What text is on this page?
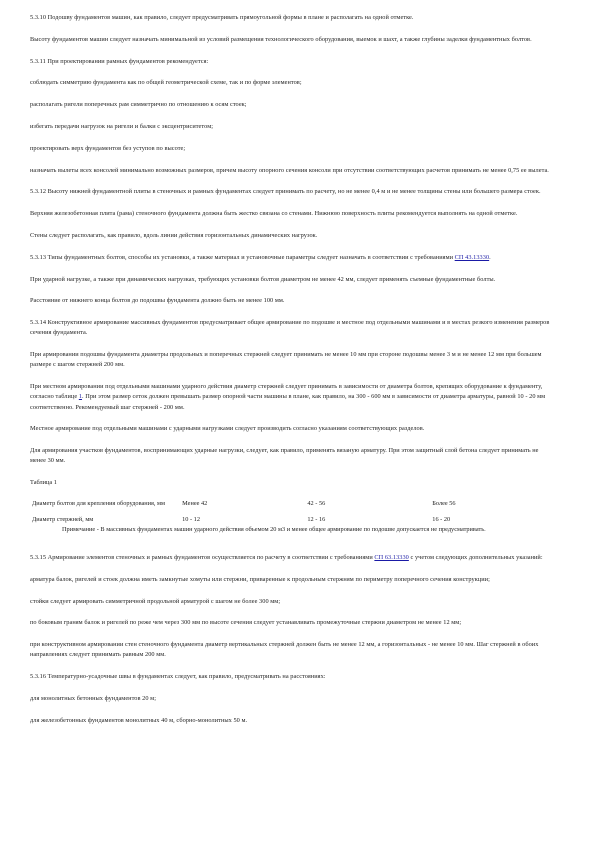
5.3.10 Подошву фундаментов машин, как правило, следует предусматривать прямоугольной формы в плане и располагать на одной отметке.

Высоту фундаментов машин следует назначать минимальной из условий размещения технологического оборудования, выемок и шахт, а также глубины заделки фундаментных болтов.

5.3.11 При проектировании рамных фундаментов рекомендуется:

соблюдать симметрию фундамента как по общей геометрической схеме, так и по форме элементов;

располагать ригели поперечных рам симметрично по отношению к осям стоек;

избегать передачи нагрузок на ригели и балки с эксцентриситетом;

проектировать верх фундаментов без уступов по высоте;

назначать вылеты всех консолей минимально возможных размеров, причем высоту опорного сечения консоли при отсутствии соответствующих расчетов принимать не менее 0,75 ее вылета.

5.3.12 Высоту нижней фундаментной плиты в стеночных и рамных фундаментах следует принимать по расчету, но не менее 0,4 м и не менее толщины стены или большего размера стоек.

Верхняя железобетонная плита (рама) стеночного фундамента должна быть жестко связана со стенами. Нижнюю поверхность плиты рекомендуется выполнять на одной отметке.

Стены следует располагать, как правило, вдоль линии действия горизонтальных динамических нагрузок.

5.3.13 Типы фундаментных болтов, способы их установки, а также материал и установочные параметры следует назначать в соответствии с требованиями СП 43.13330.

При ударной нагрузке, а также при динамических нагрузках, требующих установки болтов диаметром не менее 42 мм, следует применять съемные фундаментные болты.

Расстояние от нижнего конца болтов до подошвы фундамента должно быть не менее 100 мм.

5.3.14 Конструктивное армирование массивных фундаментов предусматривает общее армирование по подошве и местное под отдельными машинами и в местах резкого изменения размеров сечения фундамента.

При армировании подошвы фундамента диаметры продольных и поперечных стержней следует принимать не менее 10 мм при стороне подошвы менее 3 м и не менее 12 мм при большем размере с шагом стержней 200 мм.

При местном армировании под отдельными машинами ударного действия диаметр стержней следует принимать в зависимости от диаметра болтов, крепящих оборудование к фундаменту, согласно таблице 1. При этом размер сеток должен превышать размер опорной части машины в плане, как правило, на 300 - 600 мм в зависимости от диаметра арматуры, равной 10 - 20 мм соответственно. Рекомендуемый шаг стержней - 200 мм.

Местное армирование под отдельными машинами с ударными нагрузками следует производить согласно указаниям соответствующих разделов.

Для армирования участков фундаментов, воспринимающих ударные нагрузки, следует, как правило, применять вязаную арматуру. При этом защитный слой бетона следует принимать не менее 30 мм.

Таблица 1
Диаметр болтов для крепления оборудования, мм	Менее 42	42 - 56	Более 56
Диаметр стержней, мм	10 - 12	12 - 16	16 - 20

Примечание - В массивных фундаментах машин ударного действия объемом 20 м3 и менее общее армирование по подошве допускается не предусматривать.			

5.3.15 Армирование элементов стеночных и рамных фундаментов осуществляется по расчету в соответствии с требованиями СП 63.13330 с учетом следующих дополнительных указаний:

арматура балок, ригелей и стоек должна иметь замкнутые хомуты или стержни, приваренные к продольным стержням по периметру поперечного сечения конструкции;

стойки следует армировать симметричной продольной арматурой с шагом не более 300 мм;

по боковым граням балок и ригелей по реже чем через 300 мм по высоте сечения следует устанавливать промежуточные стержни диаметром не менее 12 мм;

при конструктивном армировании стен стеночного фундамента диаметр вертикальных стержней должен быть не менее 12 мм, а горизонтальных - не менее 10 мм. Шаг стержней в обоих направлениях следует принимать равным 200 мм.

5.3.16 Температурно-усадочные швы в фундаментах следует, как правило, предусматривать на расстояниях:

для монолитных бетонных фундаментов 20 м;

для железобетонных фундаментов монолитных 40 м, сборно-монолитных 50 м.
